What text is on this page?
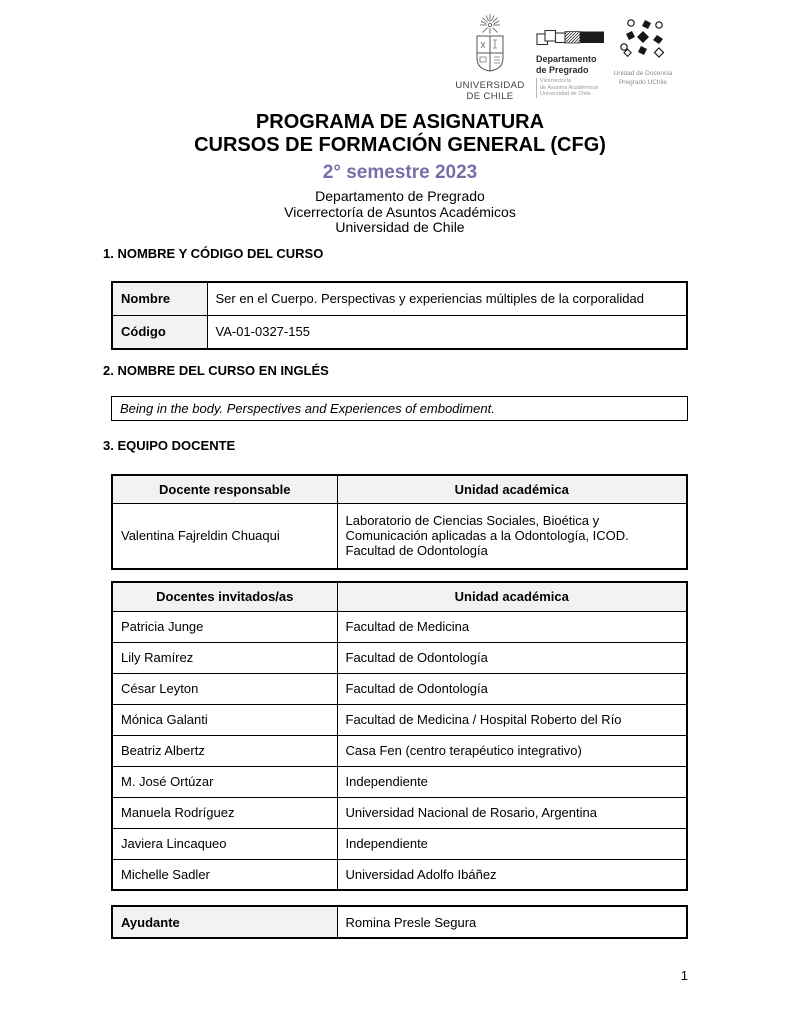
UNIVERSIDAD
DE CHILE
Departamento
de Pregrado
Vicerrectoría
de Asuntos Académicos
Universidad de Chile
Unidad de Docencia
Pregrado UChile
PROGRAMA DE ASIGNATURA
CURSOS DE FORMACIÓN GENERAL (CFG)
2° semestre 2023
Departamento de Pregrado
Vicerrectoría de Asuntos Académicos
Universidad de Chile
1. NOMBRE Y CÓDIGO DEL CURSO
Nombre	Ser en el Cuerpo. Perspectivas y experiencias múltiples de la corporalidad
Código	VA-01-0327-155
2. NOMBRE DEL CURSO EN INGLÉS
Being in the body. Perspectives and Experiences of embodiment.
3. EQUIPO DOCENTE
Docente responsable	Unidad académica
Valentina Fajreldin Chuaqui	Laboratorio de Ciencias Sociales, Bioética y Comunicación aplicadas a la Odontología, ICOD. Facultad de Odontología
Docentes invitados/as	Unidad académica
Patricia Junge	Facultad de Medicina
Lily Ramírez	Facultad de Odontología
César Leyton	Facultad de Odontología
Mónica Galanti	Facultad de Medicina / Hospital Roberto del Río
Beatriz Albertz	Casa Fen (centro terapéutico integrativo)
M. José Ortúzar	Independiente
Manuela Rodríguez	Universidad Nacional de Rosario, Argentina
Javiera Lincaqueo	Independiente
Michelle Sadler	Universidad Adolfo Ibáñez
Ayudante	Romina Presle Segura
1
